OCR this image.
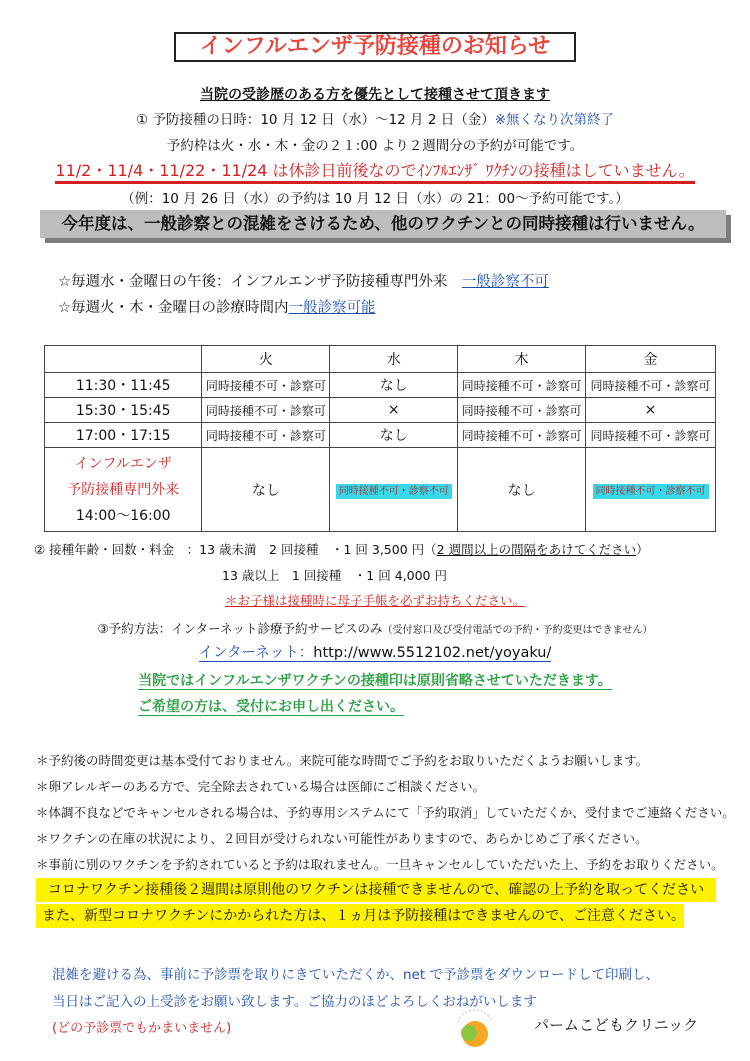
インフルエンザ予防接種のお知らせ
当院の受診歴のある方を優先として接種させて頂きます
① 予防接種の日時：10 月 12 日（水）～12 月 2 日（金）※無くなり次第終了
予約枠は火・水・木・金の２１:00 より２週間分の予約が可能です。
11/2・11/4・11/22・11/24 は休診日前後なのでｲﾝﾌﾙｴﾝｻﾞ ﾜｸﾁﾝの接種はしていません。
（例：10 月 26 日（水）の予約は 10 月 12 日（水）の 21：00～予約可能です。）
今年度は、一般診察との混雑をさけるため、他のワクチンとの同時接種は行いません。
☆毎週水・金曜日の午後：インフルエンザ予防接種専門外来　一般診察不可
☆毎週火・木・金曜日の診療時間内一般診察可能
	火	水	木	金
11:30・11:45	同時接種不可・診察可	なし	同時接種不可・診察可	同時接種不可・診察可
15:30・15:45	同時接種不可・診察可	×	同時接種不可・診察可	×
17:00・17:15	同時接種不可・診察可	なし	同時接種不可・診察可	同時接種不可・診察可

インフルエンザ
予防接種専門外来
14:00～16:00	なし	同時接種不可・診察不可	なし	同時接種不可・診察不可
② 接種年齢・回数・料金　：13 歳未満　2 回接種　・1 回 3,500 円（2 週間以上の間隔をあけてください）
13 歳以上　1 回接種　・1 回 4,000 円
＊お子様は接種時に母子手帳を必ずお持ちください。
③予約方法：インターネット診療予約サービスのみ（受付窓口及び受付電話での予約・予約変更はできません）
インターネット：http://www.5512102.net/yoyaku/
当院ではインフルエンザワクチンの接種印は原則省略させていただきます。
ご希望の方は、受付にお申し出ください。
＊予約後の時間変更は基本受付ておりません。来院可能な時間でご予約をお取りいただくようお願いします。
＊卵アレルギーのある方で、完全除去されている場合は医師にご相談ください。
＊体調不良などでキャンセルされる場合は、予約専用システムにて「予約取消」していただくか、受付までご連絡ください。
＊ワクチンの在庫の状況により、２回目が受けられない可能性がありますので、あらかじめご了承ください。
＊事前に別のワクチンを予約されていると予約は取れません。一旦キャンセルしていただいた上、予約をお取りください。
コロナワクチン接種後２週間は原則他のワクチンは接種できませんので、確認の上予約を取ってください
また、新型コロナワクチンにかかられた方は、１ヵ月は予防接種はできませんので、ご注意ください。
混雑を避ける為、事前に予診票を取りにきていただくか、net で予診票をダウンロードして印刷し、
当日はご記入の上受診をお願い致します。ご協力のほどよろしくおねがいします
(どの予診票でもかまいません)	パームこどもクリニック
